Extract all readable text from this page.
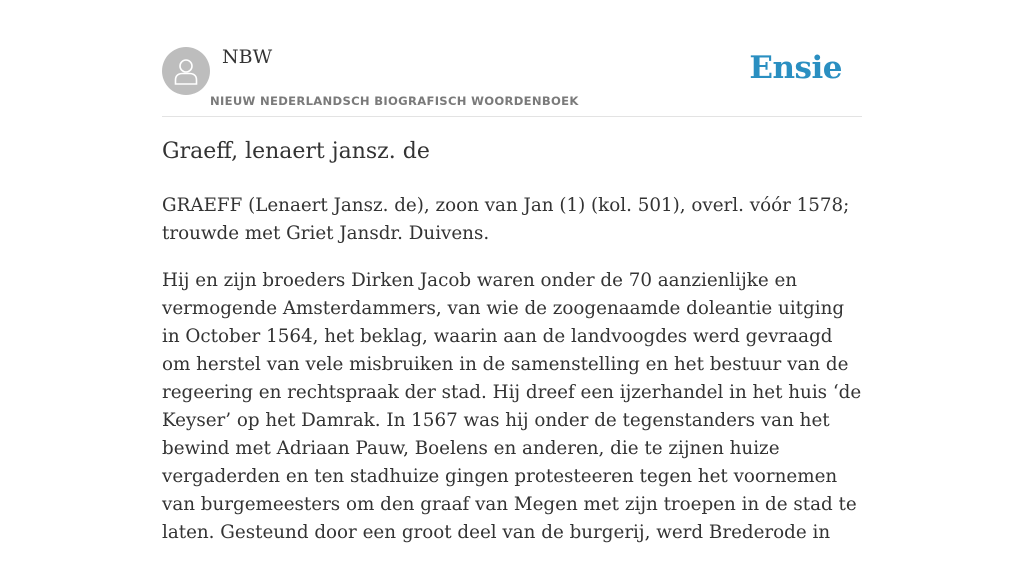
NBW
NIEUW NEDERLANDSCH BIOGRAFISCH WOORDENBOEK
Ensie
Graeff, lenaert jansz. de

GRAEFF (Lenaert Jansz. de), zoon van Jan (1) (kol. 501), overl. vóór 1578; trouwde met Griet Jansdr. Duivens.

Hij en zijn broeders Dirken Jacob waren onder de 70 aanzienlijke en vermogende Amsterdammers, van wie de zoogenaamde doleantie uitging in October 1564, het beklag, waarin aan de landvoogdes werd gevraagd om herstel van vele misbruiken in de samenstelling en het bestuur van de regeering en rechtspraak der stad. Hij dreef een ijzerhandel in het huis ‘de Keyser’ op het Damrak. In 1567 was hij onder de tegenstanders van het bewind met Adriaan Pauw, Boelens en anderen, die te zijnen huize vergaderden en ten stadhuize gingen protesteeren tegen het voornemen van burgemeesters om den graaf van Megen met zijn troepen in de stad te laten. Gesteund door een groot deel van de burgerij, werd Brederode in
